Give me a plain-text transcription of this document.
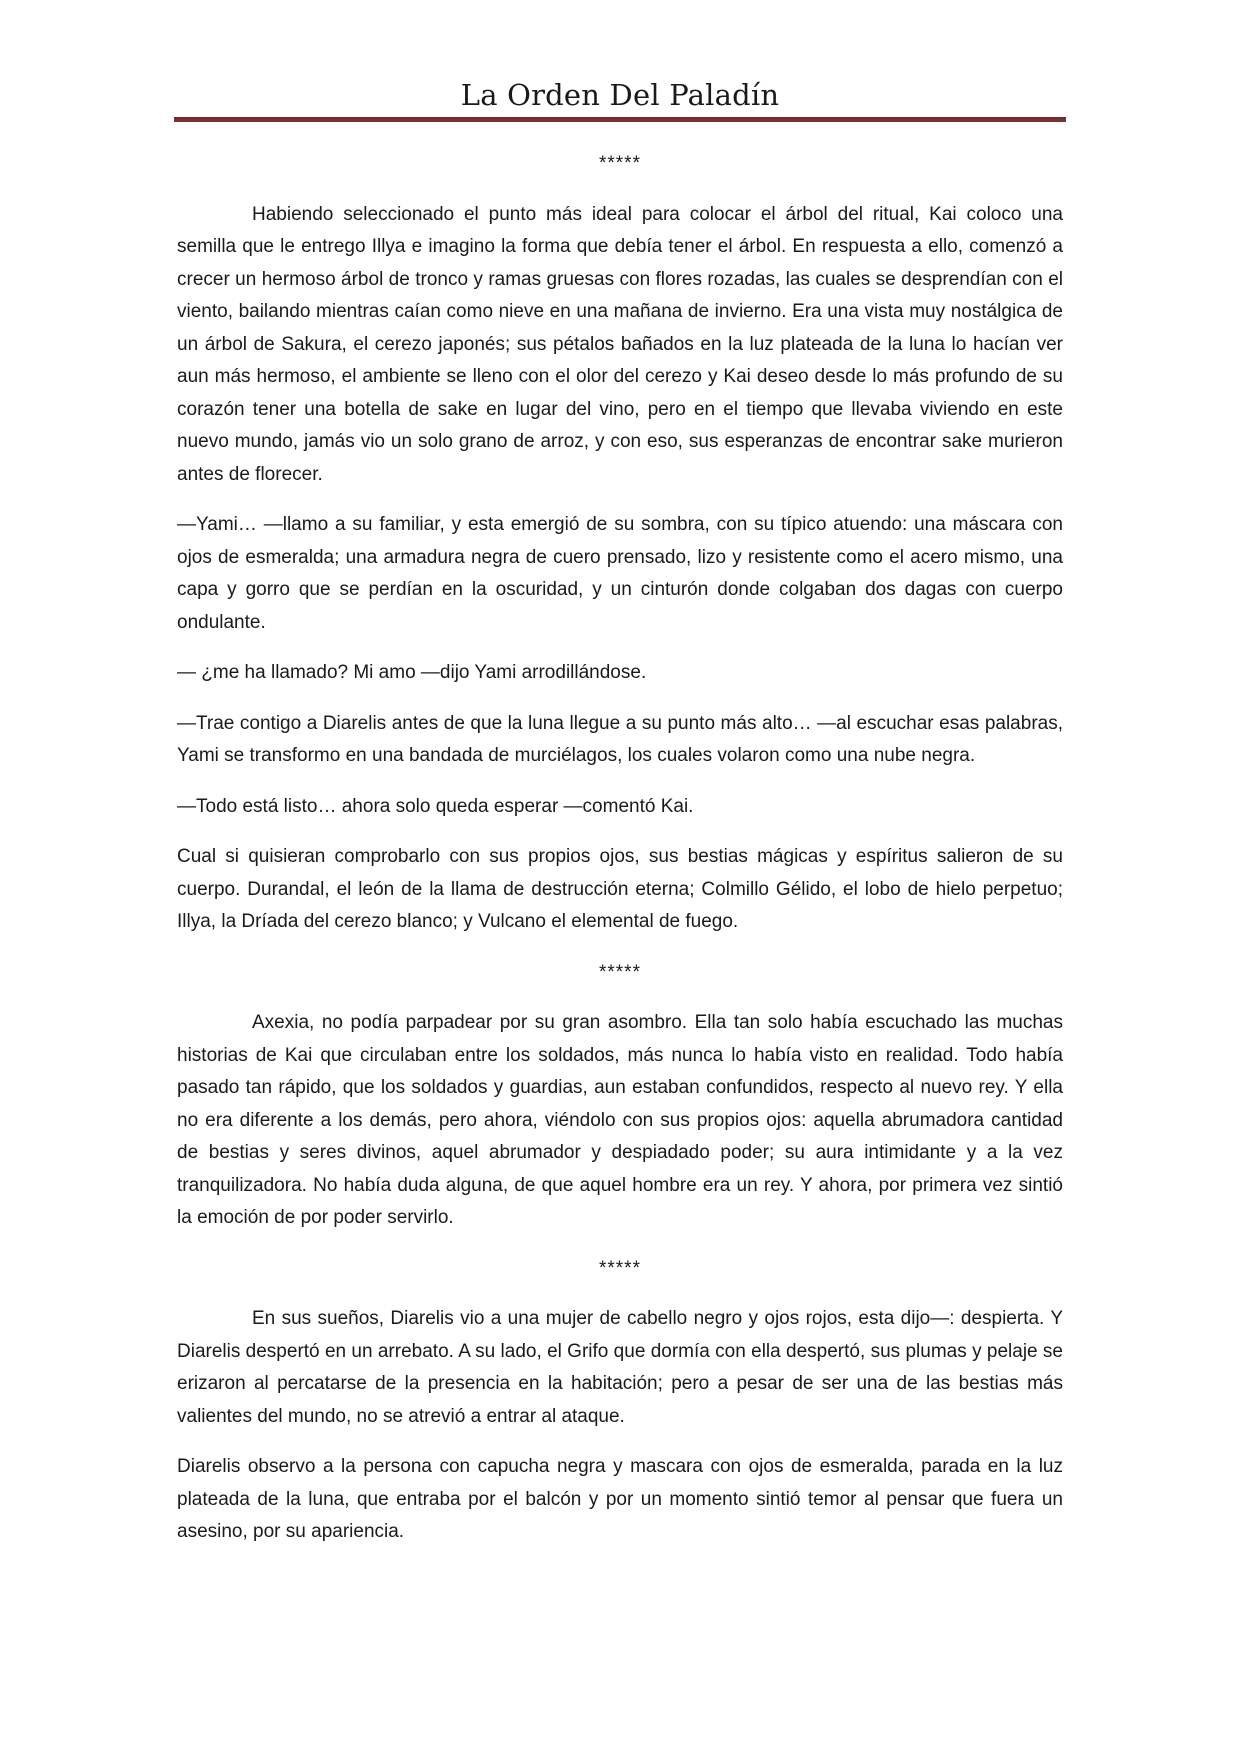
La Orden Del Paladín
*****

Habiendo seleccionado el punto más ideal para colocar el árbol del ritual, Kai coloco una semilla que le entrego Illya e imagino la forma que debía tener el árbol. En respuesta a ello, comenzó a crecer un hermoso árbol de tronco y ramas gruesas con flores rozadas, las cuales se desprendían con el viento, bailando mientras caían como nieve en una mañana de invierno. Era una vista muy nostálgica de un árbol de Sakura, el cerezo japonés; sus pétalos bañados en la luz plateada de la luna lo hacían ver aun más hermoso, el ambiente se lleno con el olor del cerezo y Kai deseo desde lo más profundo de su corazón tener una botella de sake en lugar del vino, pero en el tiempo que llevaba viviendo en este nuevo mundo, jamás vio un solo grano de arroz, y con eso, sus esperanzas de encontrar sake murieron antes de florecer.

—Yami… —llamo a su familiar, y esta emergió de su sombra, con su típico atuendo: una máscara con ojos de esmeralda; una armadura negra de cuero prensado, lizo y resistente como el acero mismo, una capa y gorro que se perdían en la oscuridad, y un cinturón donde colgaban dos dagas con cuerpo ondulante.

— ¿me ha llamado? Mi amo —dijo Yami arrodillándose.

—Trae contigo a Diarelis antes de que la luna llegue a su punto más alto… —al escuchar esas palabras, Yami se transformo en una bandada de murciélagos, los cuales volaron como una nube negra.

—Todo está listo… ahora solo queda esperar —comentó Kai.

Cual si quisieran comprobarlo con sus propios ojos, sus bestias mágicas y espíritus salieron de su cuerpo. Durandal, el león de la llama de destrucción eterna; Colmillo Gélido, el lobo de hielo perpetuo; Illya, la Dríada del cerezo blanco; y Vulcano el elemental de fuego.

*****

Axexia, no podía parpadear por su gran asombro. Ella tan solo había escuchado las muchas historias de Kai que circulaban entre los soldados, más nunca lo había visto en realidad. Todo había pasado tan rápido, que los soldados y guardias, aun estaban confundidos, respecto al nuevo rey. Y ella no era diferente a los demás, pero ahora, viéndolo con sus propios ojos: aquella abrumadora cantidad de bestias y seres divinos, aquel abrumador y despiadado poder; su aura intimidante y a la vez tranquilizadora. No había duda alguna, de que aquel hombre era un rey. Y ahora, por primera vez sintió la emoción de por poder servirlo.

*****

En sus sueños, Diarelis vio a una mujer de cabello negro y ojos rojos, esta dijo—: despierta. Y Diarelis despertó en un arrebato. A su lado, el Grifo que dormía con ella despertó, sus plumas y pelaje se erizaron al percatarse de la presencia en la habitación; pero a pesar de ser una de las bestias más valientes del mundo, no se atrevió a entrar al ataque.

Diarelis observo a la persona con capucha negra y mascara con ojos de esmeralda, parada en la luz plateada de la luna, que entraba por el balcón y por un momento sintió temor al pensar que fuera un asesino, por su apariencia.
